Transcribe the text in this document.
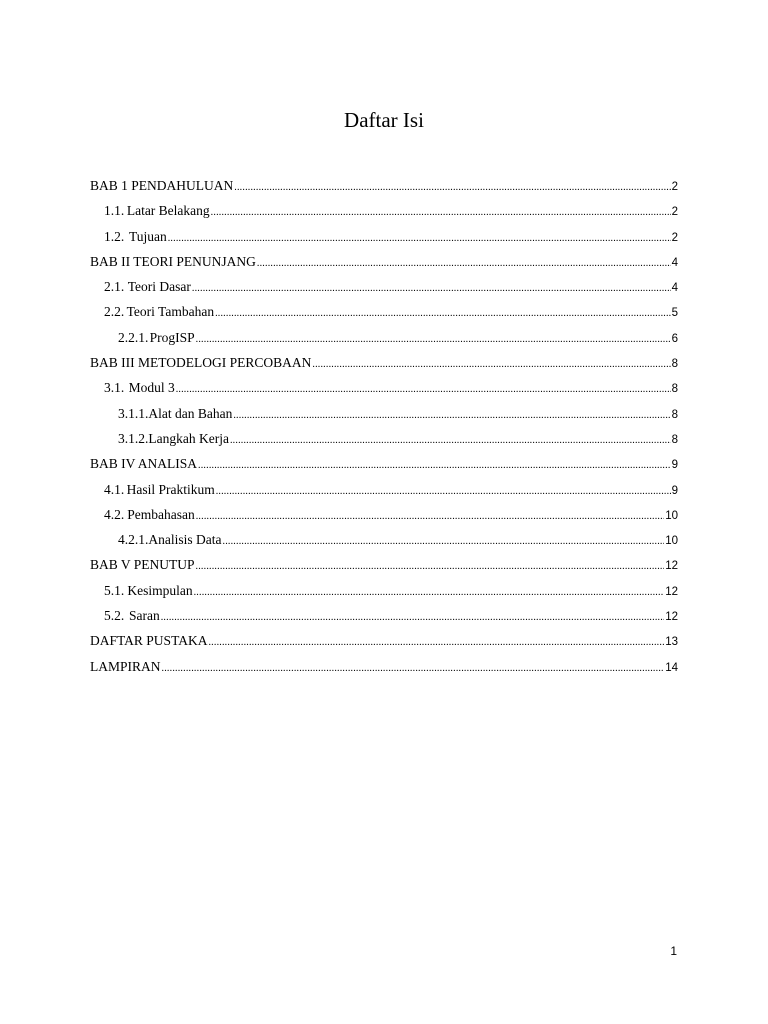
Daftar Isi
BAB 1 PENDAHULUAN .....	2
1.1. Latar Belakang .....	2
1.2. Tujuan .....	2
BAB II TEORI PENUNJANG .....	4
2.1. Teori Dasar .....	4
2.2. Teori Tambahan .....	5
2.2.1. ProgISP .....	6
BAB III METODELOGI PERCOBAAN .....	8
3.1. Modul 3 .....	8
3.1.1. Alat dan Bahan .....	8
3.1.2. Langkah Kerja .....	8
BAB IV ANALISA .....	9
4.1. Hasil Praktikum .....	9
4.2. Pembahasan .....	10
4.2.1. Analisis Data .....	10
BAB V PENUTUP .....	12
5.1. Kesimpulan .....	12
5.2. Saran .....	12
DAFTAR PUSTAKA .....	13
LAMPIRAN .....	14
1
